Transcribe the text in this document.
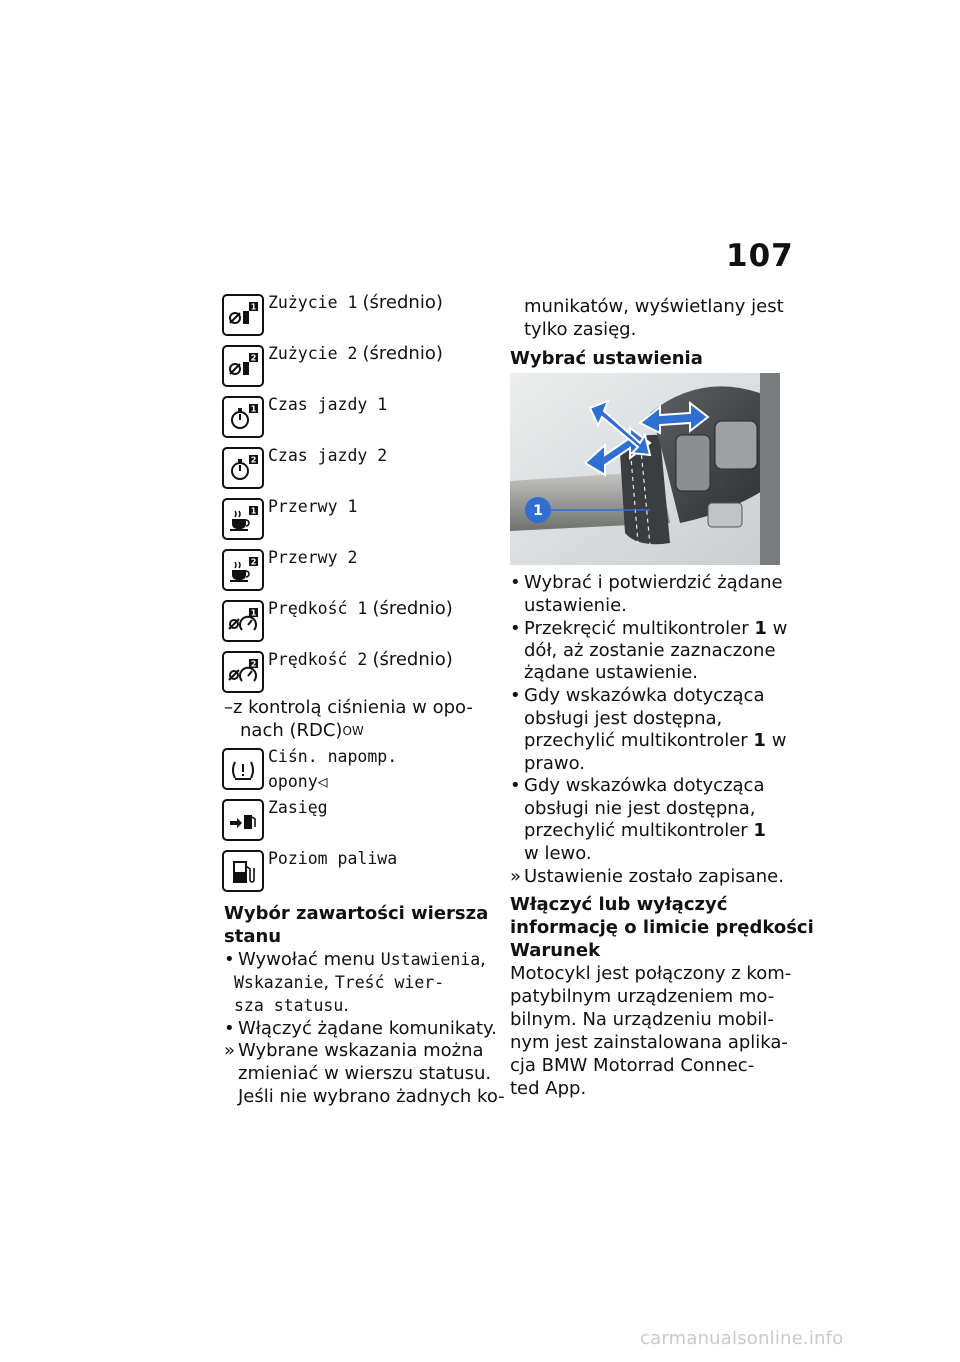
107
1 Zużycie 1 (średnio)
2 Zużycie 2 (średnio)
1 Czas jazdy 1
2 Czas jazdy 2
1 Przerwy 1
2 Przerwy 2
1 Prędkość 1 (średnio)
2 Prędkość 2 (średnio)
–z kontrolą ciśnienia w opo-
nach (RDC)$^{OW}$
Ciśn. napomp.
opony◁
Zasięg
Poziom paliwa
Wybór zawartości wiersza
stanu
• Wywołać menu Ustawienia,
Wskazanie, Treść wier-
sza statusu.
• Włączyć żądane komunikaty.
» Wybrane wskazania można
zmieniać w wierszu statusu.
Jeśli nie wybrano żadnych ko-
munikatów, wyświetlany jest
tylko zasięg.
Wybrać ustawienia
1
• Wybrać i potwierdzić żądane
ustawienie.
• Przekręcić multikontroler 1 w
dół, aż zostanie zaznaczone
żądane ustawienie.
• Gdy wskazówka dotycząca
obsługi jest dostępna,
przechylić multikontroler 1 w
prawo.
• Gdy wskazówka dotycząca
obsługi nie jest dostępna,
przechylić multikontroler 1
w lewo.
» Ustawienie zostało zapisane.
Włączyć lub wyłączyć
informację o limicie prędkości
Warunek
Motocykl jest połączony z kom-
patybilnym urządzeniem mo-
bilnym. Na urządzeniu mobil-
nym jest zainstalowana aplika-
cja BMW Motorrad Connec-
ted App.
carmanualsonline.info
